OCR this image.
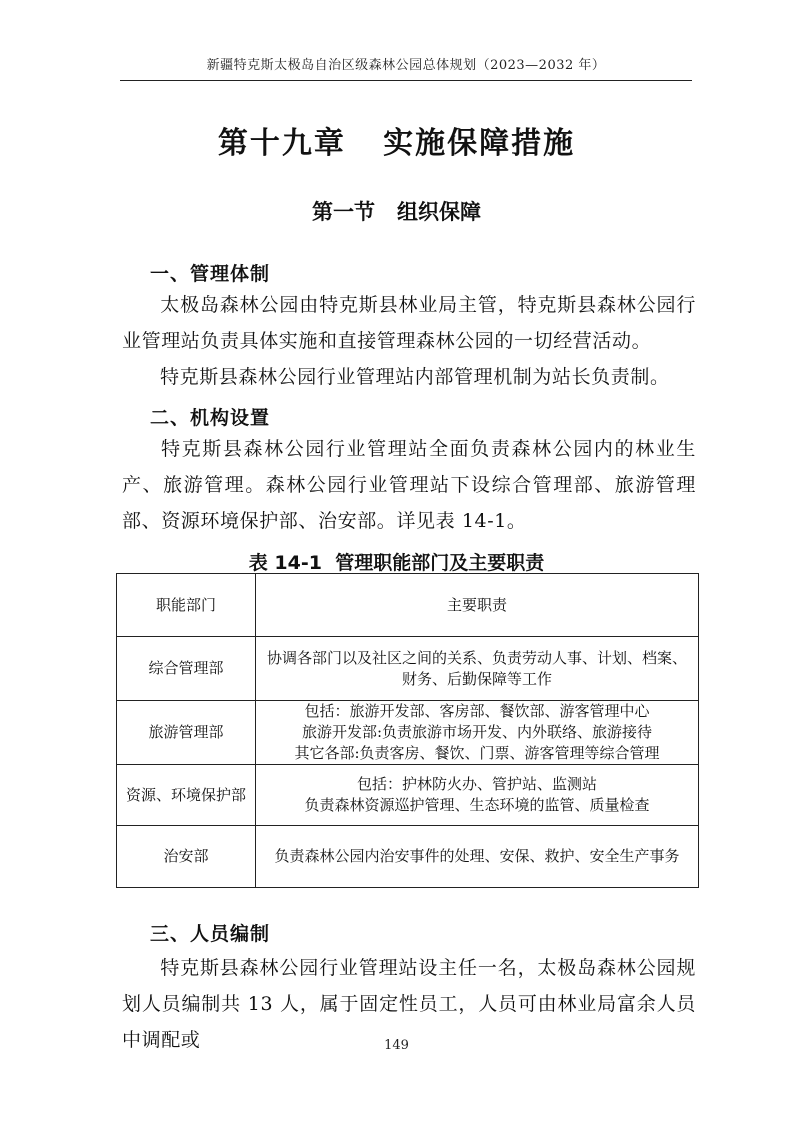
新疆特克斯太极岛自治区级森林公园总体规划（2023—2032 年）
第十九章   实施保障措施
第一节   组织保障
一、管理体制
太极岛森林公园由特克斯县林业局主管，特克斯县森林公园行业管理站负责具体实施和直接管理森林公园的一切经营活动。
特克斯县森林公园行业管理站内部管理机制为站长负责制。
二、机构设置
特克斯县森林公园行业管理站全面负责森林公园内的林业生产、旅游管理。森林公园行业管理站下设综合管理部、旅游管理部、资源环境保护部、治安部。详见表 14-1。
表 14-1  管理职能部门及主要职责
职能部门	主要职责
综合管理部	协调各部门以及社区之间的关系、负责劳动人事、计划、档案、
财务、后勤保障等工作

旅游管理部	包括：旅游开发部、客房部、餐饮部、游客管理中心
旅游开发部:负责旅游市场开发、内外联络、旅游接待
其它各部:负责客房、餐饮、门票、游客管理等综合管理

资源、环境保护部	包括：护林防火办、管护站、监测站
负责森林资源巡护管理、生态环境的监管、质量检查

治安部	负责森林公园内治安事件的处理、安保、救护、安全生产事务
三、人员编制
特克斯县森林公园行业管理站设主任一名，太极岛森林公园规划人员编制共 13 人，属于固定性员工，人员可由林业局富余人员中调配或	149
